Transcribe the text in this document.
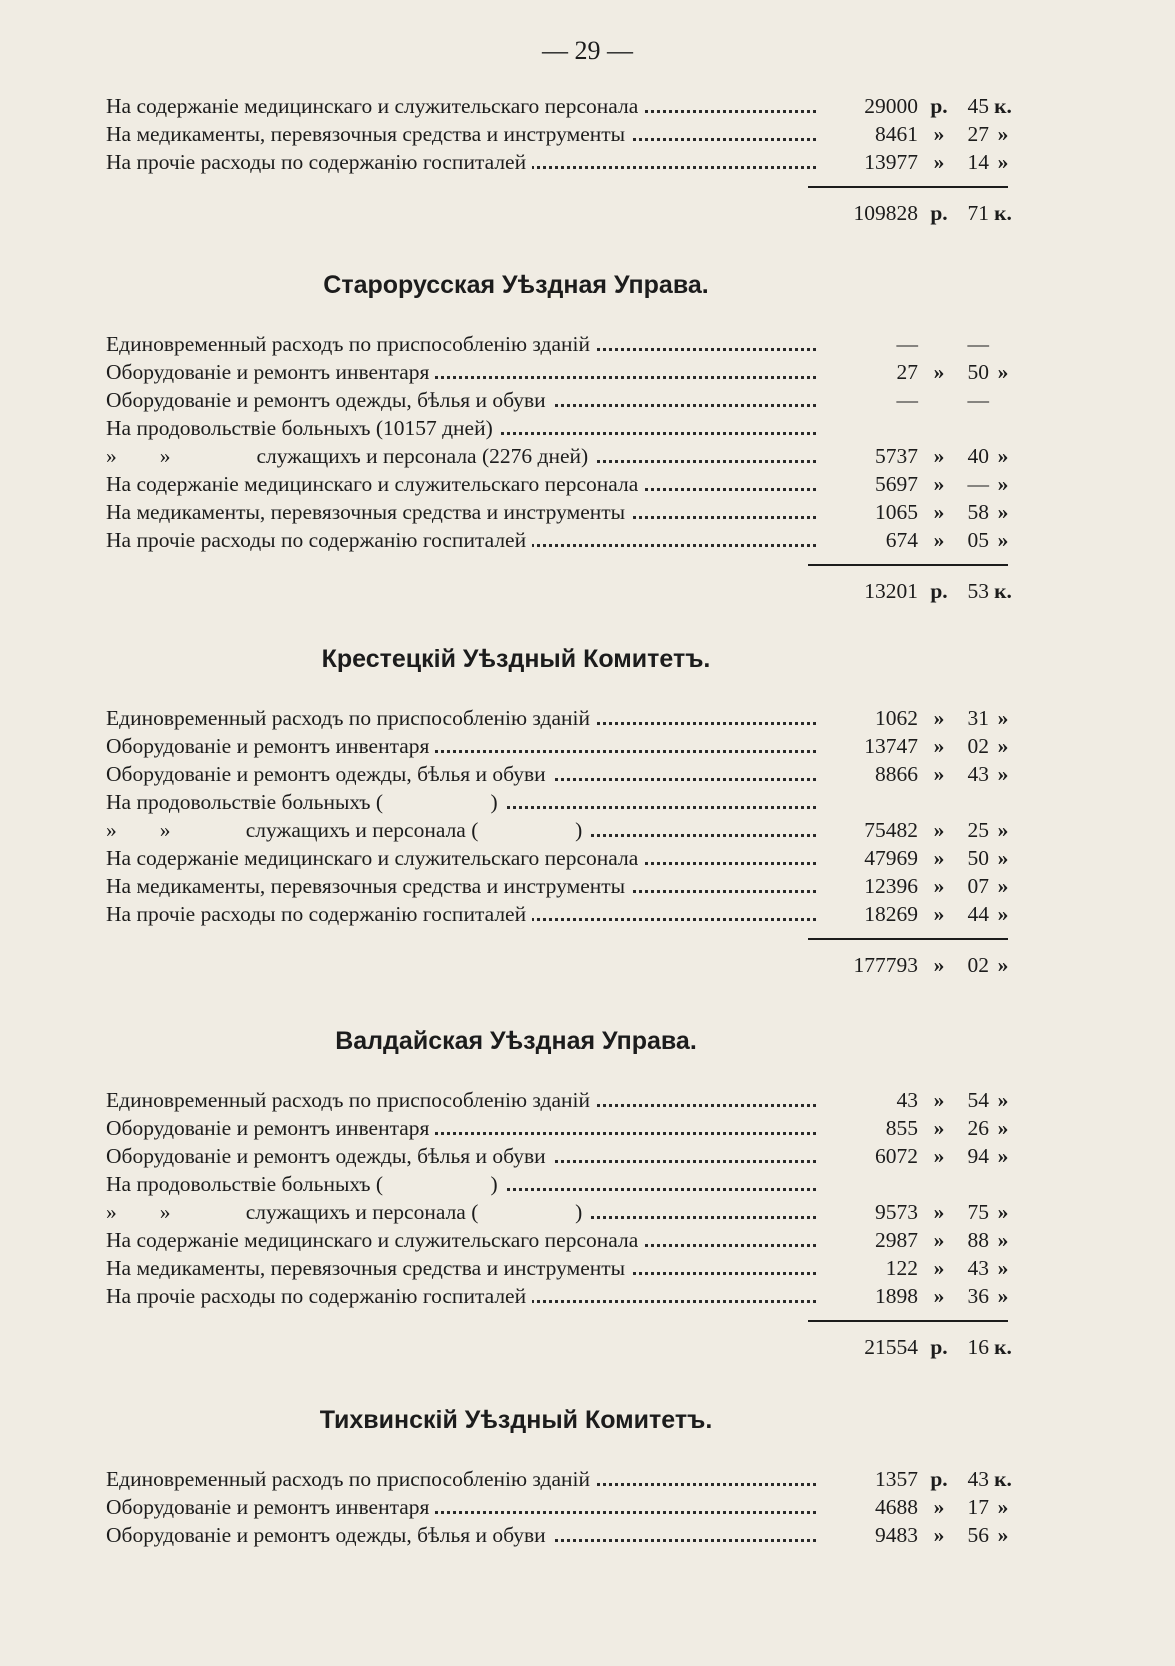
— 29 —
На содержаніе медицинскаго и служительскаго персонала	29000 р. 45 к.
На медикаменты, перевязочныя средства и инструменты	8461 »	27 »
На прочіе расходы по содержанію госпиталей	13977 »	14 »
109828 р. 71 к.
Старорусская Уѣздная Управа.
Единовременный расходъ по приспособленію зданій	—	—
Оборудованіе и ремонтъ инвентаря	27 »	50 »
Оборудованіе и ремонтъ одежды, бѣлья и обуви	—	—
На продовольствіе больныхъ (10157 дней)
»        »                служащихъ и персонала (2276 дней)	5737 »	40 »
На содержаніе медицинскаго и служительскаго персонала	5697 »	— »
На медикаменты, перевязочныя средства и инструменты	1065 »	58 »
На прочіе расходы по содержанію госпиталей	674 »	05 »
13201 р. 53 к.
Крестецкій Уѣздный Комитетъ.
Единовременный расходъ по приспособленію зданій	1062 »	31 »
Оборудованіе и ремонтъ инвентаря	13747 »	02 »
Оборудованіе и ремонтъ одежды, бѣлья и обуви	8866 »	43 »
На продовольствіе больныхъ (                    )
»        »              служащихъ и персонала (                  )	75482 »	25 »
На содержаніе медицинскаго и служительскаго персонала	47969 »	50 »
На медикаменты, перевязочныя средства и инструменты	12396 »	07 »
На прочіе расходы по содержанію госпиталей	18269 »	44 »
177793 »	02 »
Валдайская Уѣздная Управа.
Единовременный расходъ по приспособленію зданій	43 »	54 »
Оборудованіе и ремонтъ инвентаря	855 »	26 »
Оборудованіе и ремонтъ одежды, бѣлья и обуви	6072 »	94 »
На продовольствіе больныхъ (                    )
»        »              служащихъ и персонала (                  )	9573 »	75 »
На содержаніе медицинскаго и служительскаго персонала	2987 »	88 »
На медикаменты, перевязочныя средства и инструменты	122 »	43 »
На прочіе расходы по содержанію госпиталей	1898 »	36 »
21554 р. 16 к.
Тихвинскій Уѣздный Комитетъ.
Единовременный расходъ по приспособленію зданій	1357 р. 43 к.
Оборудованіе и ремонтъ инвентаря	4688 »	17 »
Оборудованіе и ремонтъ одежды, бѣлья и обуви	9483 »	56 »
